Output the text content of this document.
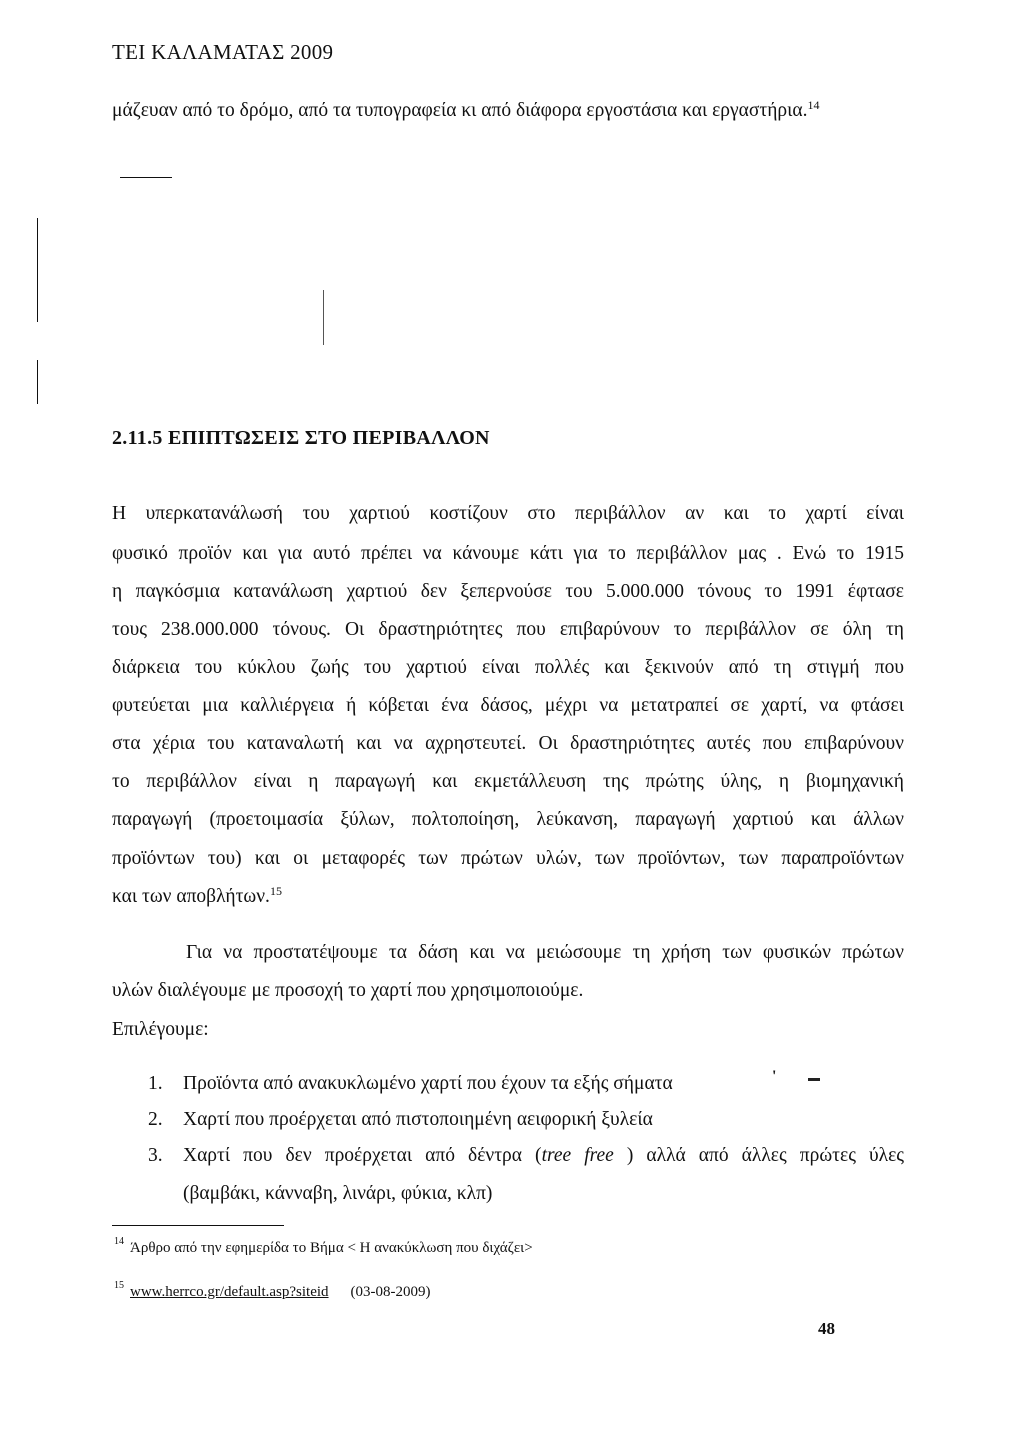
ΤΕΙ ΚΑΛΑΜΑΤΑΣ 2009
μάζευαν από το δρόμο, από τα τυπογραφεία κι από διάφορα εργοστάσια και εργαστήρια.$^{14}$
2.11.5 ΕΠΙΠΤΩΣΕΙΣ ΣΤΟ ΠΕΡΙΒΑΛΛΟΝ
Η υπερκατανάλωσή του χαρτιού κοστίζουν στο περιβάλλον αν και το χαρτί είναι
φυσικό προϊόν και για αυτό πρέπει να κάνουμε κάτι για το περιβάλλον μας . Ενώ το 1915
η παγκόσμια κατανάλωση χαρτιού δεν ξεπερνούσε του 5.000.000 τόνους το 1991 έφτασε
τους 238.000.000 τόνους. Οι δραστηριότητες που επιβαρύνουν το περιβάλλον σε όλη τη
διάρκεια του κύκλου ζωής του χαρτιού είναι πολλές και ξεκινούν από τη στιγμή που
φυτεύεται μια καλλιέργεια ή κόβεται ένα δάσος, μέχρι να μετατραπεί σε χαρτί, να φτάσει
στα χέρια του καταναλωτή και να αχρηστευτεί. Οι δραστηριότητες αυτές που επιβαρύνουν
το περιβάλλον είναι η παραγωγή και εκμετάλλευση της πρώτης ύλης, η βιομηχανική
παραγωγή (προετοιμασία ξύλων, πολτοποίηση, λεύκανση, παραγωγή χαρτιού και άλλων
προϊόντων του) και οι μεταφορές των πρώτων υλών, των προϊόντων, των παραπροϊόντων
και των αποβλήτων.$^{15}$
Για να προστατέψουμε τα δάση και να μειώσουμε τη χρήση των φυσικών πρώτων
υλών διαλέγουμε με προσοχή το χαρτί που χρησιμοποιούμε.
Επιλέγουμε:
1. Προϊόντα από ανακυκλωμένο χαρτί που έχουν τα εξής σήματα	'
2. Χαρτί που προέρχεται από πιστοποιημένη αειφορική ξυλεία
3. Χαρτί που δεν προέρχεται από δέντρα (tree free ) αλλά από άλλες πρώτες ύλες
(βαμβάκι, κάνναβη, λινάρι, φύκια, κλπ)
$^{14}$ Άρθρο από την εφημερίδα το Βήμα < Η ανακύκλωση που διχάζει>
$^{15}$ www.herrco.gr/default.asp?siteid (03-08-2009)
48
